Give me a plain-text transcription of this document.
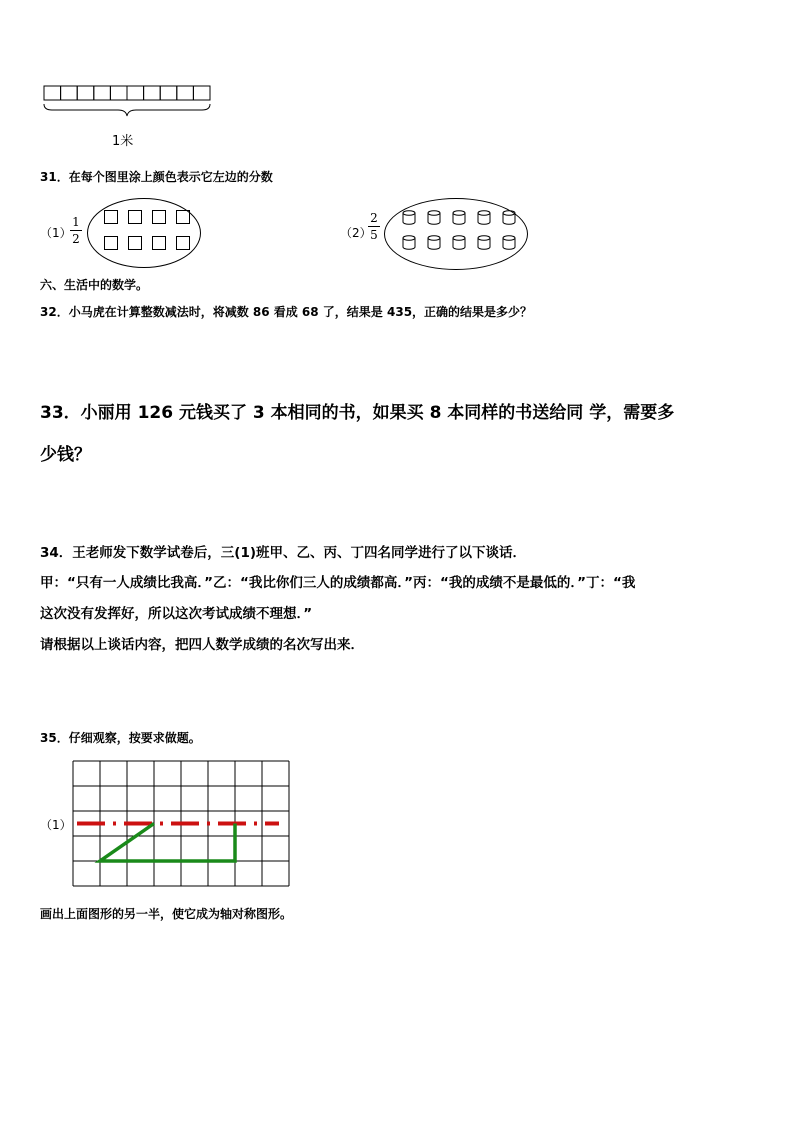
1米
31．在每个图里涂上颜色表示它左边的分数
（1）
1
2	（2）
2
5
六、生活中的数学。
32．小马虎在计算整数减法时，将减数 86 看成 68 了，结果是 435，正确的结果是多少？
33．小丽用 126 元钱买了 3 本相同的书，如果买 8 本同样的书送给同 学，需要多
少钱？
34．王老师发下数学试卷后，三(1)班甲、乙、丙、丁四名同学进行了以下谈话．
甲：“只有一人成绩比我高．”乙：“我比你们三人的成绩都高．”丙：“我的成绩不是最低的．”丁：“我
这次没有发挥好，所以这次考试成绩不理想．”
请根据以上谈话内容，把四人数学成绩的名次写出来．
35．仔细观察，按要求做题。
（1）
画出上面图形的另一半，使它成为轴对称图形。
